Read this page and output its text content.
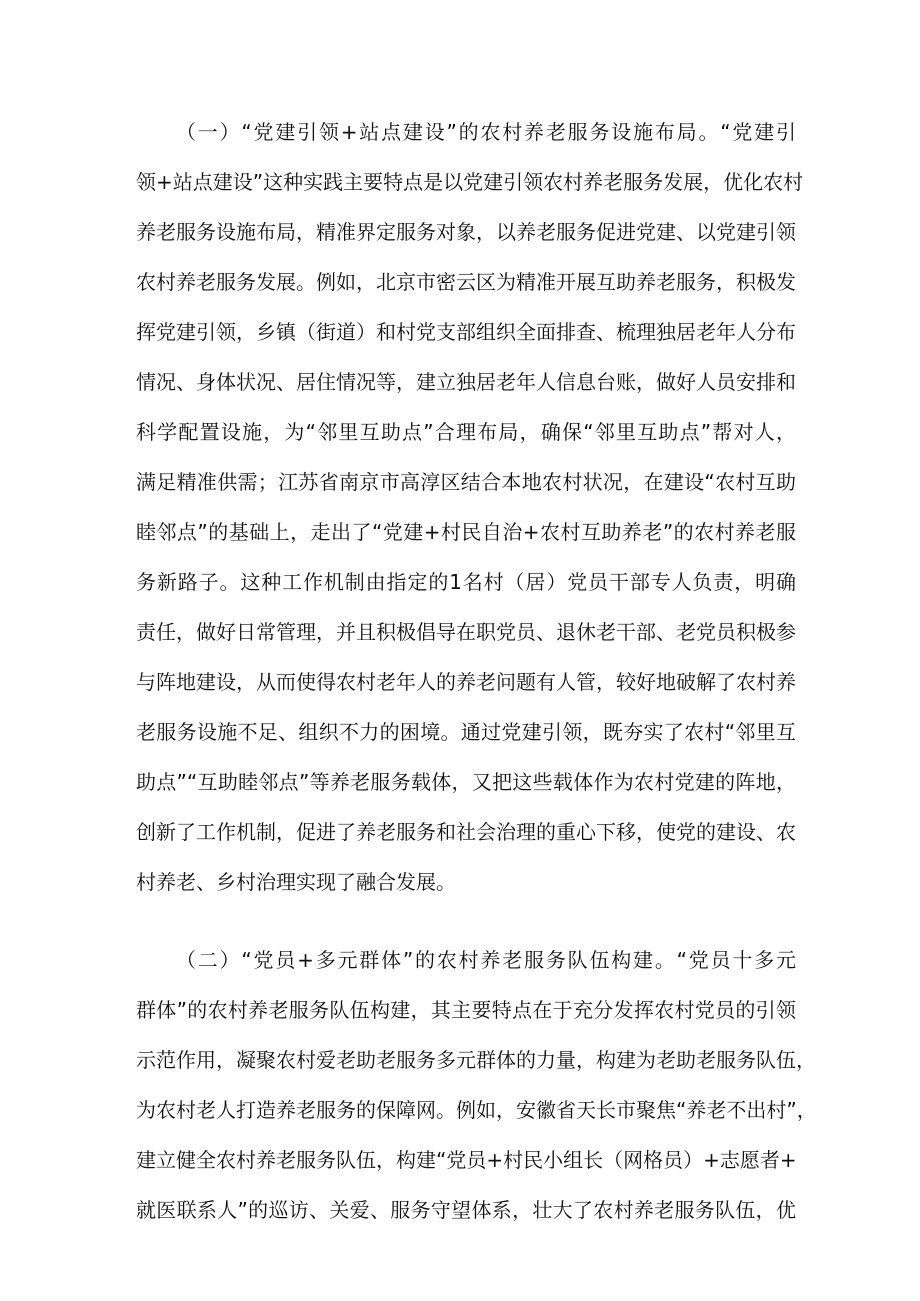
（一）“党建引领+站点建设”的农村养老服务设施布局。“党建引
领+站点建设”这种实践主要特点是以党建引领农村养老服务发展，优化农村
养老服务设施布局，精准界定服务对象，以养老服务促进党建、以党建引领
农村养老服务发展。例如，北京市密云区为精准开展互助养老服务，积极发
挥党建引领，乡镇（街道）和村党支部组织全面排查、梳理独居老年人分布
情况、身体状况、居住情况等，建立独居老年人信息台账，做好人员安排和
科学配置设施，为“邻里互助点”合理布局，确保“邻里互助点”帮对人，
满足精准供需；江苏省南京市高淳区结合本地农村状况，在建设“农村互助
睦邻点”的基础上，走出了“党建+村民自治+农村互助养老”的农村养老服
务新路子。这种工作机制由指定的1名村（居）党员干部专人负责，明确
责任，做好日常管理，并且积极倡导在职党员、退休老干部、老党员积极参
与阵地建设，从而使得农村老年人的养老问题有人管，较好地破解了农村养
老服务设施不足、组织不力的困境。通过党建引领，既夯实了农村“邻里互
助点”“互助睦邻点”等养老服务载体，又把这些载体作为农村党建的阵地，
创新了工作机制，促进了养老服务和社会治理的重心下移，使党的建设、农
村养老、乡村治理实现了融合发展。
（二）“党员+多元群体”的农村养老服务队伍构建。“党员十多元
群体”的农村养老服务队伍构建，其主要特点在于充分发挥农村党员的引领
示范作用，凝聚农村爱老助老服务多元群体的力量，构建为老助老服务队伍，
为农村老人打造养老服务的保障网。例如，安徽省天长市聚焦“养老不出村”，
建立健全农村养老服务队伍，构建“党员+村民小组长（网格员）+志愿者+
就医联系人”的巡访、关爱、服务守望体系，壮大了农村养老服务队伍，优
